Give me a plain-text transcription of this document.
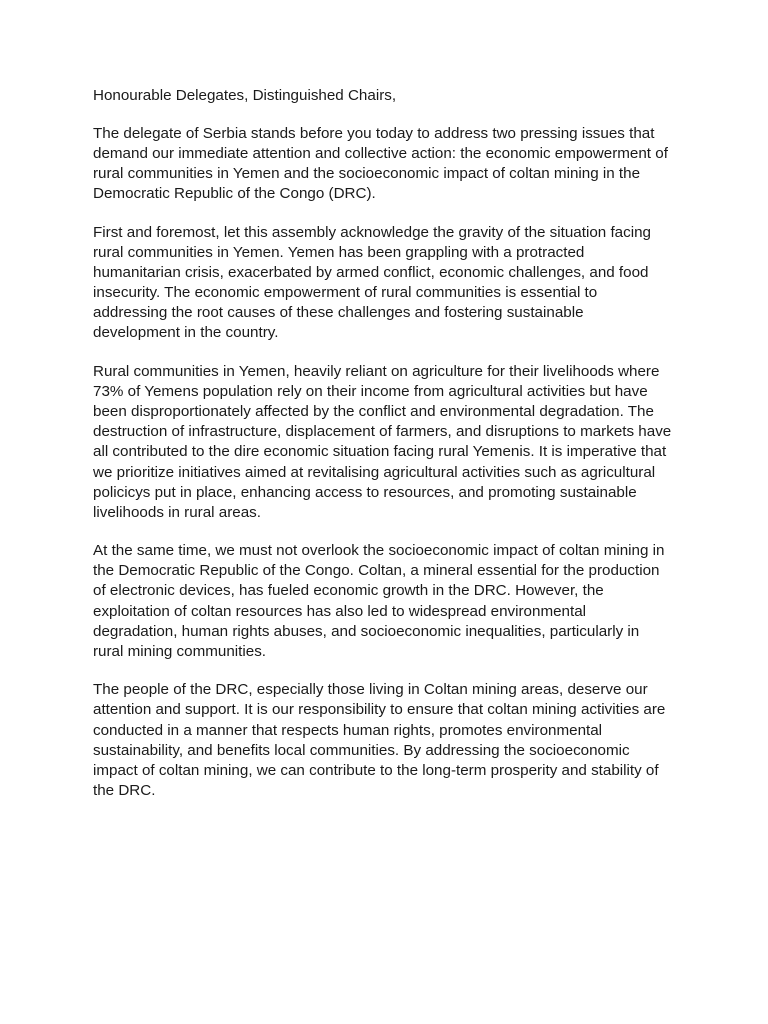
Honourable Delegates, Distinguished Chairs,

The delegate of Serbia stands before you today to address two pressing issues that demand our immediate attention and collective action: the economic empowerment of rural communities in Yemen and the socioeconomic impact of coltan mining in the Democratic Republic of the Congo (DRC).

First and foremost, let this assembly acknowledge the gravity of the situation facing rural communities in Yemen. Yemen has been grappling with a protracted humanitarian crisis, exacerbated by armed conflict, economic challenges, and food insecurity. The economic empowerment of rural communities is essential to addressing the root causes of these challenges and fostering sustainable development in the country.

Rural communities in Yemen, heavily reliant on agriculture for their livelihoods where 73% of Yemens population rely on their income from agricultural activities but have been disproportionately affected by the conflict and environmental degradation. The destruction of infrastructure, displacement of farmers, and disruptions to markets have all contributed to the dire economic situation facing rural Yemenis. It is imperative that we prioritize initiatives aimed at revitalising agricultural activities such as agricultural policicys put in place, enhancing access to resources, and promoting sustainable livelihoods in rural areas.

At the same time, we must not overlook the socioeconomic impact of coltan mining in the Democratic Republic of the Congo. Coltan, a mineral essential for the production of electronic devices, has fueled economic growth in the DRC. However, the exploitation of coltan resources has also led to widespread environmental degradation, human rights abuses, and socioeconomic inequalities, particularly in rural mining communities.

The people of the DRC, especially those living in Coltan mining areas, deserve our attention and support. It is our responsibility to ensure that coltan mining activities are conducted in a manner that respects human rights, promotes environmental sustainability, and benefits local communities. By addressing the socioeconomic impact of coltan mining, we can contribute to the long-term prosperity and stability of the DRC.
